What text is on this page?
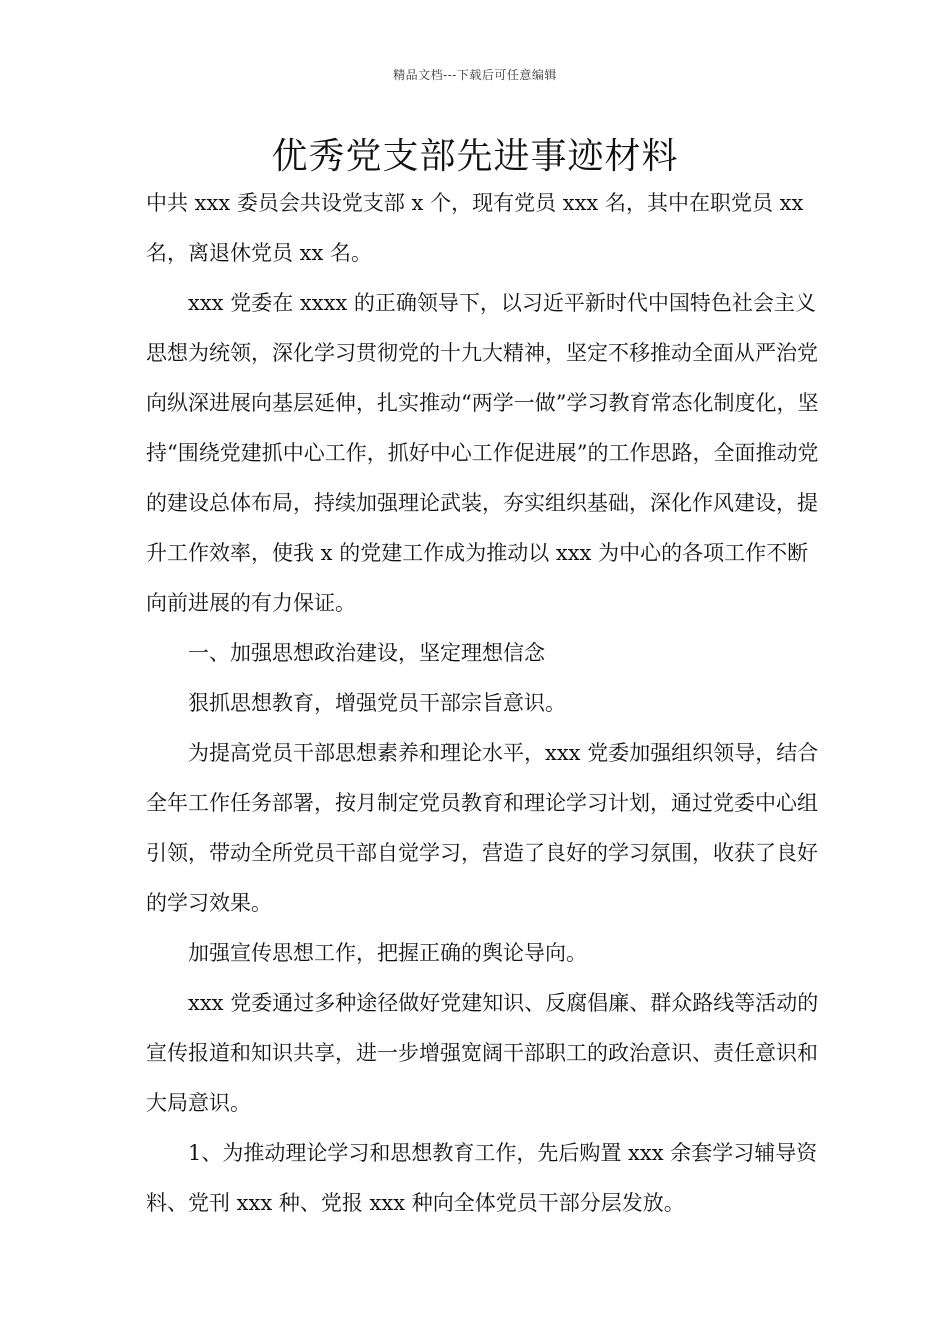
精品文档---下载后可任意编辑
优秀党支部先进事迹材料

中共 xxx 委员会共设党支部 x 个，现有党员 xxx 名，其中在职党员 xx 名，离退休党员 xx 名。

xxx 党委在 xxxx 的正确领导下，以习近平新时代中国特色社会主义思想为统领，深化学习贯彻党的十九大精神，坚定不移推动全面从严治党向纵深进展向基层延伸，扎实推动“两学一做”学习教育常态化制度化，坚持“围绕党建抓中心工作，抓好中心工作促进展”的工作思路，全面推动党的建设总体布局，持续加强理论武装，夯实组织基础，深化作风建设，提升工作效率，使我 x 的党建工作成为推动以 xxx 为中心的各项工作不断向前进展的有力保证。

一、加强思想政治建设，坚定理想信念

狠抓思想教育，增强党员干部宗旨意识。

为提高党员干部思想素养和理论水平，xxx 党委加强组织领导，结合全年工作任务部署，按月制定党员教育和理论学习计划，通过党委中心组引领，带动全所党员干部自觉学习，营造了良好的学习氛围，收获了良好的学习效果。

加强宣传思想工作，把握正确的舆论导向。

xxx 党委通过多种途径做好党建知识、反腐倡廉、群众路线等活动的宣传报道和知识共享，进一步增强宽阔干部职工的政治意识、责任意识和大局意识。

1、为推动理论学习和思想教育工作，先后购置 xxx 余套学习辅导资料、党刊 xxx 种、党报 xxx 种向全体党员干部分层发放。
